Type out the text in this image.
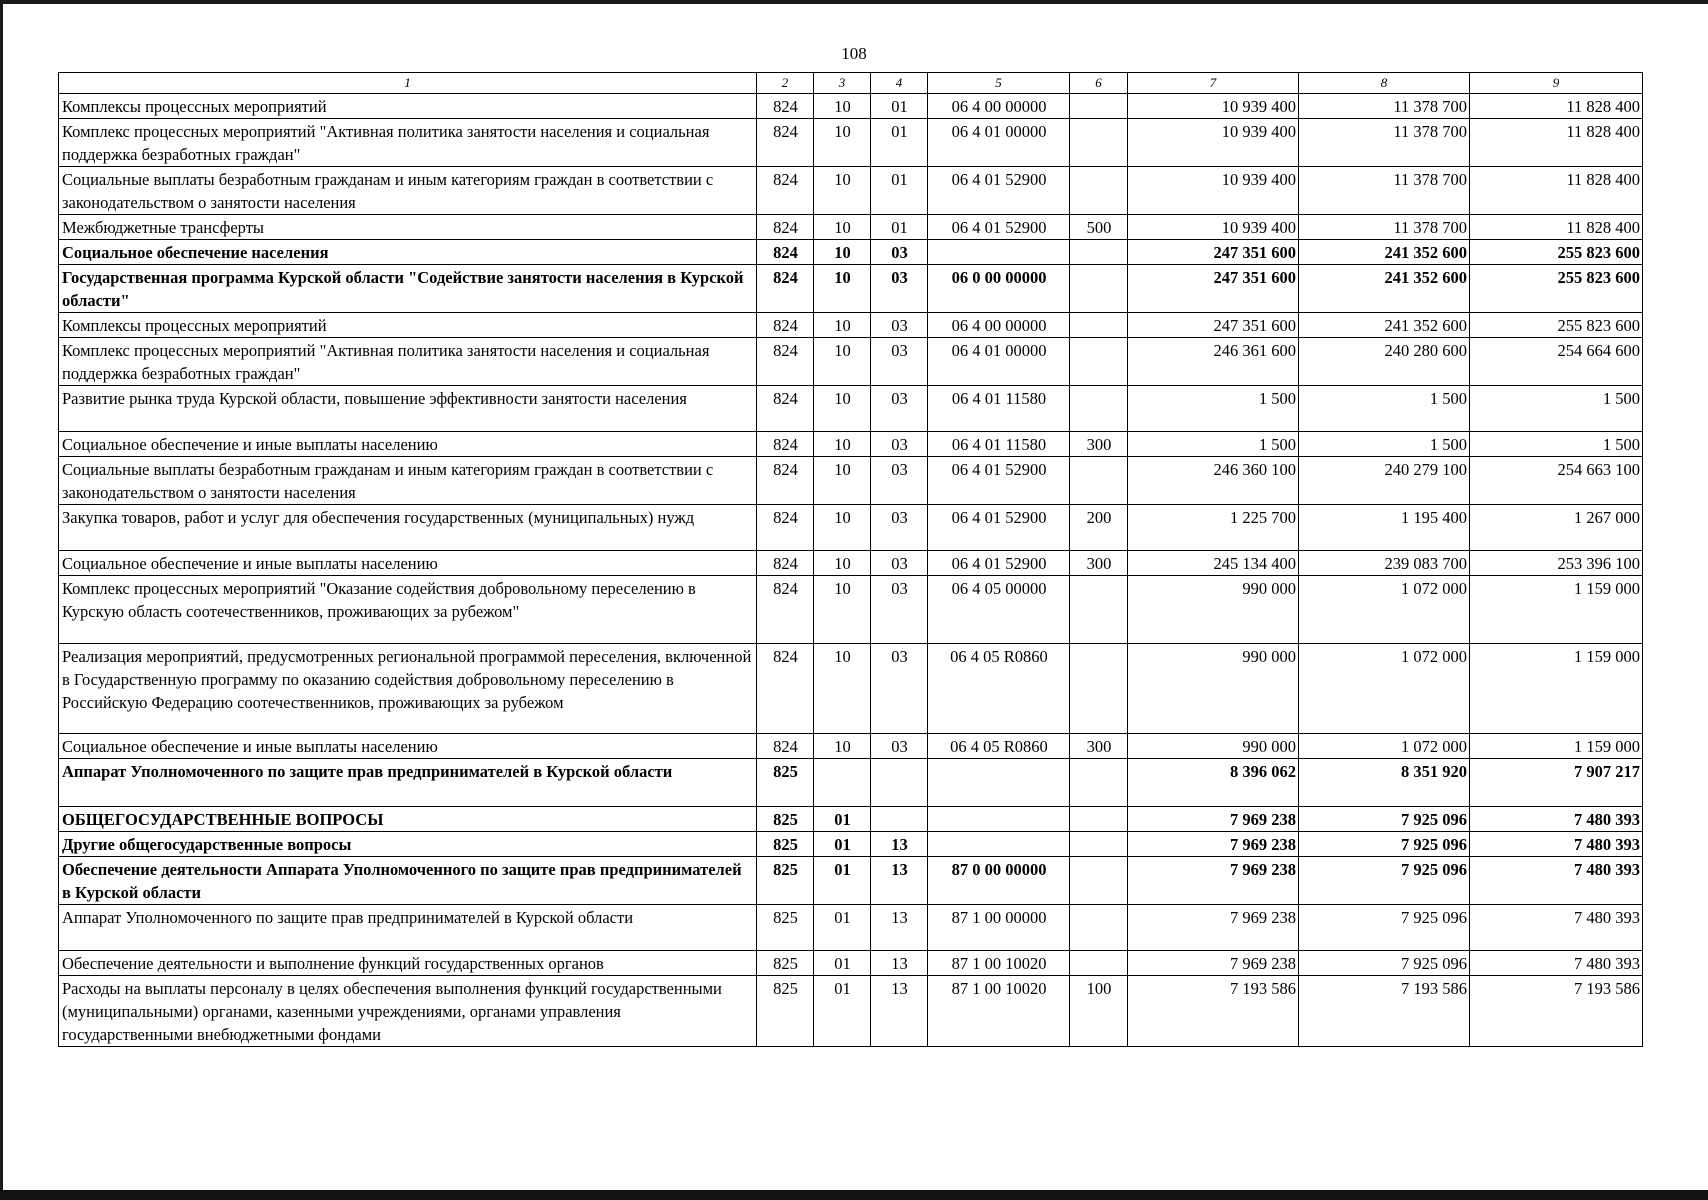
108
1	2	3	4	5	6	7	8	9
Комплексы процессных мероприятий	824	10	01	06 4 00 00000		10 939 400	11 378 700	11 828 400
Комплекс процессных мероприятий "Активная политика занятости населения и социальная поддержка безработных граждан"	824	10	01	06 4 01 00000		10 939 400	11 378 700	11 828 400
Социальные выплаты безработным гражданам и иным категориям граждан в соответствии с законодательством о занятости населения	824	10	01	06 4 01 52900		10 939 400	11 378 700	11 828 400
Межбюджетные трансферты	824	10	01	06 4 01 52900	500	10 939 400	11 378 700	11 828 400
Социальное обеспечение населения	824	10	03			247 351 600	241 352 600	255 823 600
Государственная программа Курской области "Содействие занятости населения в Курской области"	824	10	03	06 0 00 00000		247 351 600	241 352 600	255 823 600
Комплексы процессных мероприятий	824	10	03	06 4 00 00000		247 351 600	241 352 600	255 823 600
Комплекс процессных мероприятий "Активная политика занятости населения и социальная поддержка безработных граждан"	824	10	03	06 4 01 00000		246 361 600	240 280 600	254 664 600
Развитие рынка труда Курской области, повышение эффективности занятости населения	824	10	03	06 4 01 11580		1 500	1 500	1 500
Социальное обеспечение и иные выплаты населению	824	10	03	06 4 01 11580	300	1 500	1 500	1 500
Социальные выплаты безработным гражданам и иным категориям граждан в соответствии с законодательством о занятости населения	824	10	03	06 4 01 52900		246 360 100	240 279 100	254 663 100
Закупка товаров, работ и услуг для обеспечения государственных (муниципальных) нужд	824	10	03	06 4 01 52900	200	1 225 700	1 195 400	1 267 000
Социальное обеспечение и иные выплаты населению	824	10	03	06 4 01 52900	300	245 134 400	239 083 700	253 396 100
Комплекс процессных мероприятий "Оказание содействия добровольному переселению в Курскую область соотечественников, проживающих за рубежом"	824	10	03	06 4 05 00000		990 000	1 072 000	1 159 000
Реализация мероприятий, предусмотренных региональной программой переселения, включенной в Государственную программу по оказанию содействия добровольному переселению в Российскую Федерацию соотечественников, проживающих за рубежом	824	10	03	06 4 05 R0860		990 000	1 072 000	1 159 000
Социальное обеспечение и иные выплаты населению	824	10	03	06 4 05 R0860	300	990 000	1 072 000	1 159 000
Аппарат Уполномоченного по защите прав предпринимателей в Курской области	825					8 396 062	8 351 920	7 907 217
ОБЩЕГОСУДАРСТВЕННЫЕ ВОПРОСЫ	825	01				7 969 238	7 925 096	7 480 393
Другие общегосударственные вопросы	825	01	13			7 969 238	7 925 096	7 480 393
Обеспечение деятельности Аппарата Уполномоченного по защите прав предпринимателей в Курской области	825	01	13	87 0 00 00000		7 969 238	7 925 096	7 480 393
Аппарат Уполномоченного по защите прав предпринимателей в Курской области	825	01	13	87 1 00 00000		7 969 238	7 925 096	7 480 393
Обеспечение деятельности и выполнение функций государственных органов	825	01	13	87 1 00 10020		7 969 238	7 925 096	7 480 393
Расходы на выплаты персоналу в целях обеспечения выполнения функций государственными (муниципальными) органами, казенными учреждениями, органами управления государственными внебюджетными фондами	825	01	13	87 1 00 10020	100	7 193 586	7 193 586	7 193 586
